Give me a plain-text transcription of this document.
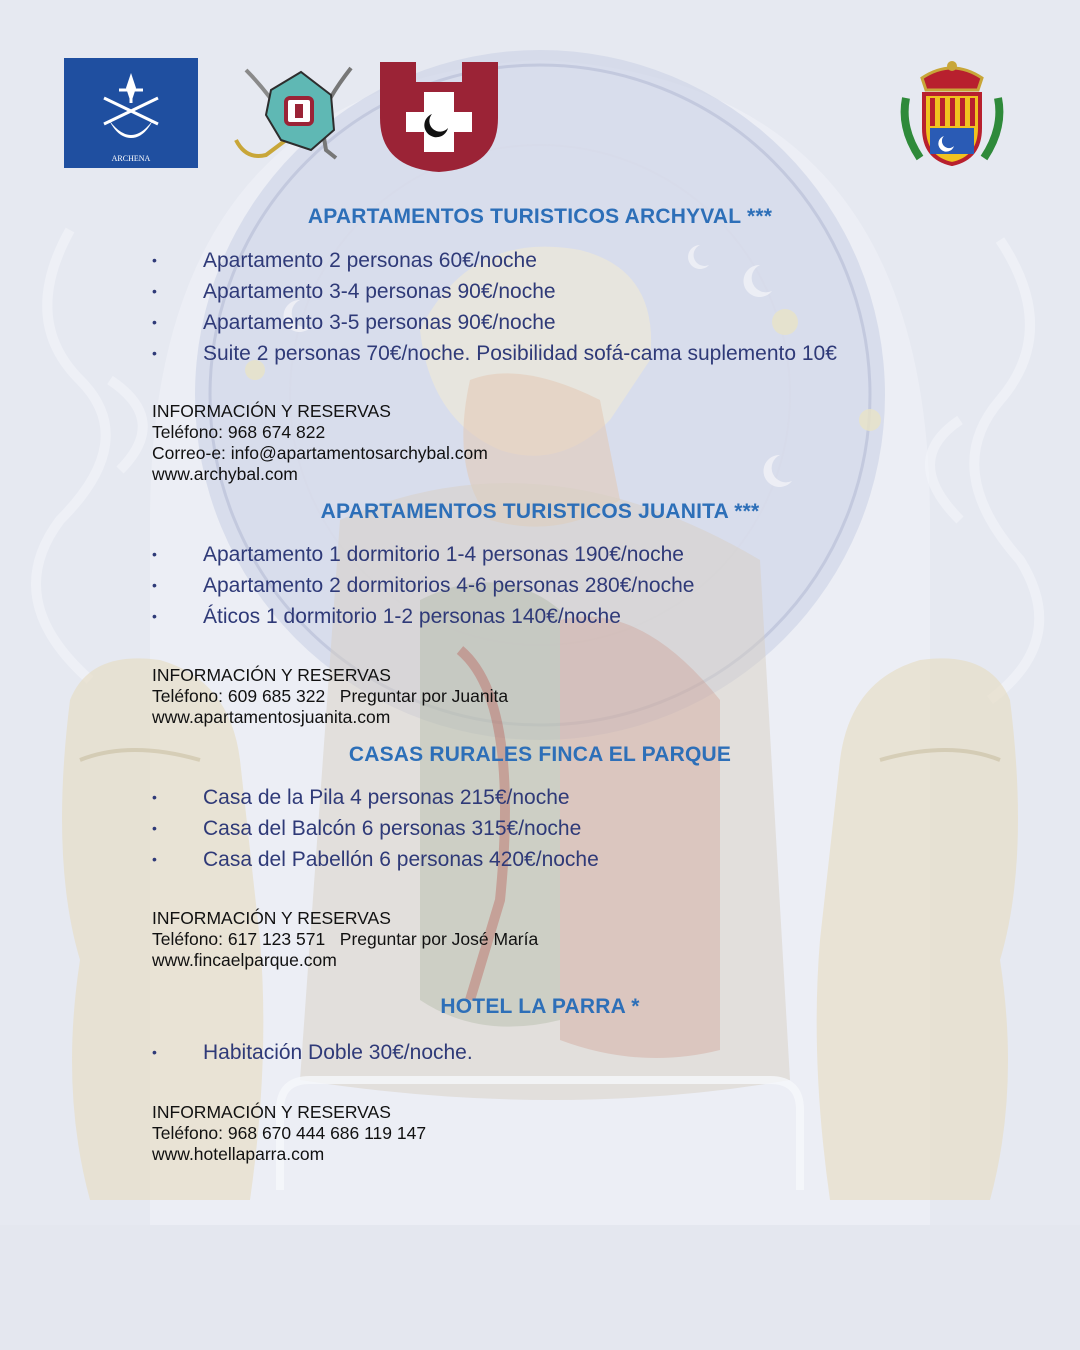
ARCHENA
APARTAMENTOS TURISTICOS ARCHYVAL ***
• Apartamento 2 personas 60€/noche
• Apartamento 3-4 personas 90€/noche
• Apartamento 3-5 personas 90€/noche
• Suite 2 personas 70€/noche. Posibilidad sofá-cama suplemento 10€
INFORMACIÓN Y RESERVAS
Teléfono: 968 674 822
Correo-e: info@apartamentosarchybal.com
www.archybal.com
APARTAMENTOS TURISTICOS JUANITA ***
• Apartamento 1 dormitorio 1-4 personas 190€/noche
• Apartamento 2 dormitorios 4-6 personas 280€/noche
• Áticos 1 dormitorio 1-2 personas 140€/noche
INFORMACIÓN Y RESERVAS
Teléfono: 609 685 322   Preguntar por Juanita
www.apartamentosjuanita.com
CASAS RURALES FINCA EL PARQUE
• Casa de la Pila 4 personas 215€/noche
• Casa del Balcón 6 personas 315€/noche
• Casa del Pabellón 6 personas 420€/noche
INFORMACIÓN Y RESERVAS
Teléfono: 617 123 571   Preguntar por José María
www.fincaelparque.com
HOTEL LA PARRA *
• Habitación Doble 30€/noche.
INFORMACIÓN Y RESERVAS
Teléfono: 968 670 444 686 119 147
www.hotellaparra.com
